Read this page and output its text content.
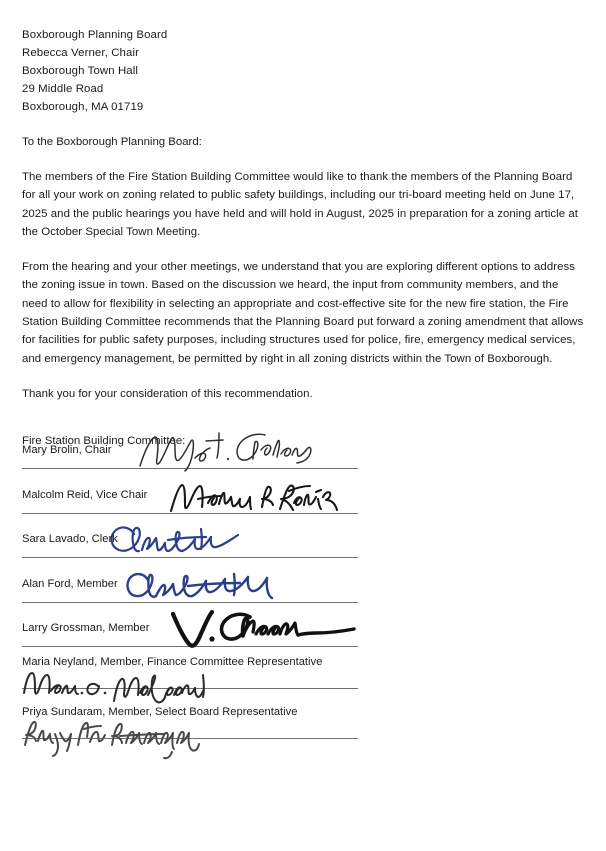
Boxborough Planning Board
Rebecca Verner, Chair
Boxborough Town Hall
29 Middle Road
Boxborough, MA 01719
To the Boxborough Planning Board:
The members of the Fire Station Building Committee would like to thank the members of the Planning Board for all your work on zoning related to public safety buildings, including our tri-board meeting held on June 17, 2025 and the public hearings you have held and will hold in August, 2025 in preparation for a zoning article at the October Special Town Meeting.
From the hearing and your other meetings, we understand that you are exploring different options to address the zoning issue in town. Based on the discussion we heard, the input from community members, and the need to allow for flexibility in selecting an appropriate and cost-effective site for the new fire station, the Fire Station Building Committee recommends that the Planning Board put forward a zoning amendment that allows for facilities for public safety purposes, including structures used for police, fire, emergency medical services, and emergency management, be permitted by right in all zoning districts within the Town of Boxborough.
Thank you for your consideration of this recommendation.
Fire Station Building Committee:
Mary Brolin, Chair
Malcolm Reid, Vice Chair
Sara Lavado, Clerk
Alan Ford, Member
Larry Grossman, Member
Maria Neyland, Member, Finance Committee Representative
Priya Sundaram, Member, Select Board Representative
